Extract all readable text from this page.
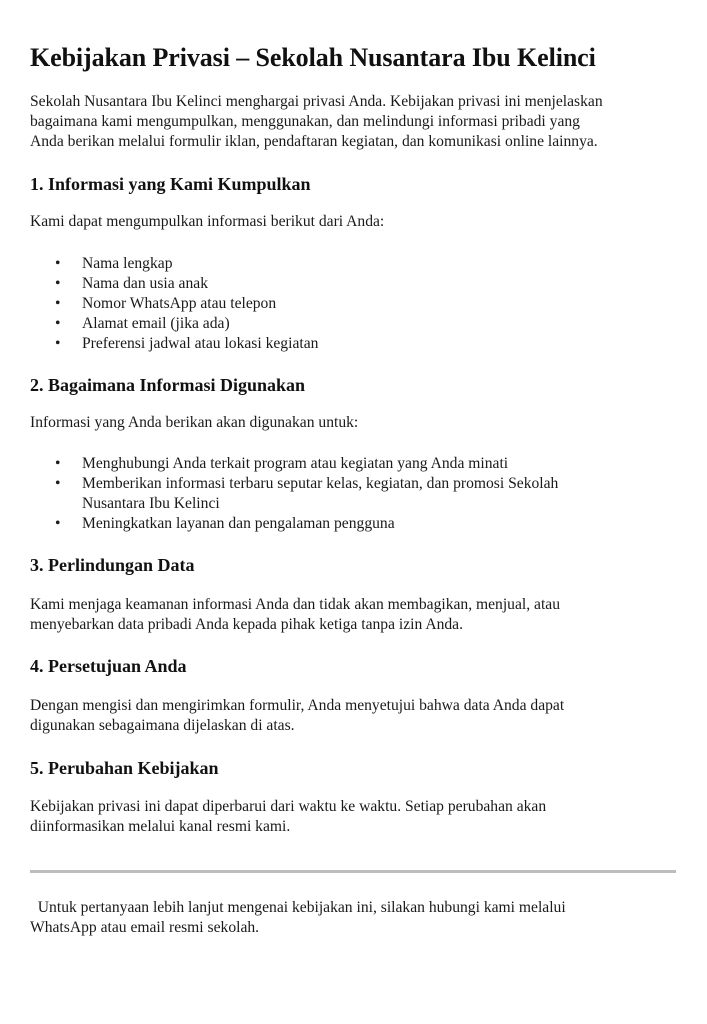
Kebijakan Privasi – Sekolah Nusantara Ibu Kelinci
Sekolah Nusantara Ibu Kelinci menghargai privasi Anda. Kebijakan privasi ini menjelaskan
bagaimana kami mengumpulkan, menggunakan, dan melindungi informasi pribadi yang
Anda berikan melalui formulir iklan, pendaftaran kegiatan, dan komunikasi online lainnya.
1. Informasi yang Kami Kumpulkan
Kami dapat mengumpulkan informasi berikut dari Anda:
• Nama lengkap
• Nama dan usia anak
• Nomor WhatsApp atau telepon
• Alamat email (jika ada)
• Preferensi jadwal atau lokasi kegiatan
2. Bagaimana Informasi Digunakan
Informasi yang Anda berikan akan digunakan untuk:
• Menghubungi Anda terkait program atau kegiatan yang Anda minati
• Memberikan informasi terbaru seputar kelas, kegiatan, dan promosi Sekolah
Nusantara Ibu Kelinci
• Meningkatkan layanan dan pengalaman pengguna
3. Perlindungan Data
Kami menjaga keamanan informasi Anda dan tidak akan membagikan, menjual, atau
menyebarkan data pribadi Anda kepada pihak ketiga tanpa izin Anda.
4. Persetujuan Anda
Dengan mengisi dan mengirimkan formulir, Anda menyetujui bahwa data Anda dapat
digunakan sebagaimana dijelaskan di atas.
5. Perubahan Kebijakan
Kebijakan privasi ini dapat diperbarui dari waktu ke waktu. Setiap perubahan akan
diinformasikan melalui kanal resmi kami.
Untuk pertanyaan lebih lanjut mengenai kebijakan ini, silakan hubungi kami melalui
WhatsApp atau email resmi sekolah.
